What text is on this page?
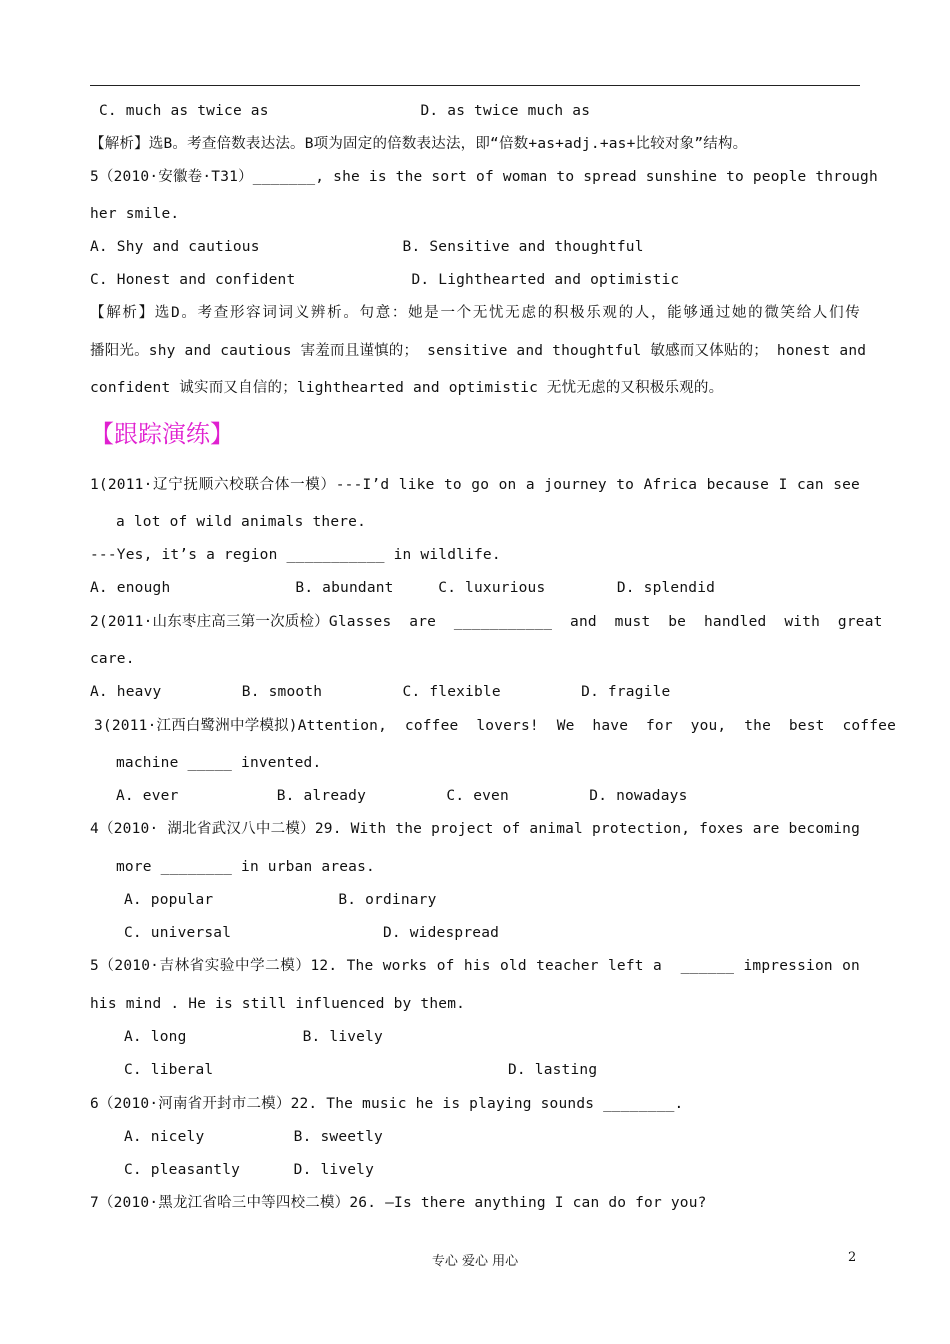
C. much as twice as                 D. as twice much as
【解析】选B。考查倍数表达法。B项为固定的倍数表达法，即“倍数+as+adj.+as+比较对象”结构。
5（2010·安徽卷·T31）_______, she is the sort of woman to spread sunshine to people through
her smile.
A. Shy and cautious                B. Sensitive and thoughtful
C. Honest and confident             D. Lighthearted and optimistic
【解析】选D。考查形容词词义辨析。句意：她是一个无忧无虑的积极乐观的人，能够通过她的微笑给人们传
播阳光。shy and cautious 害羞而且谨慎的； sensitive and thoughtful 敏感而又体贴的； honest and
confident 诚实而又自信的；lighthearted and optimistic 无忧无虑的又积极乐观的。
【跟踪演练】
1(2011·辽宁抚顺六校联合体一模）---I’d like to go on a journey to Africa because I can see
a lot of wild animals there.
---Yes, it’s a region ___________ in wildlife.
A. enough              B. abundant     C. luxurious        D. splendid
2(2011·山东枣庄高三第一次质检）Glasses  are  ___________  and  must  be  handled  with  great
care.
A. heavy         B. smooth         C. flexible         D. fragile
3(2011·江西白鹭洲中学模拟)Attention,  coffee  lovers!  We  have  for  you,  the  best  coffee
machine _____ invented.
A. ever           B. already         C. even         D. nowadays
4（2010· 湖北省武汉八中二模）29. With the project of animal protection, foxes are becoming
more ________ in urban areas.
A. popular              B. ordinary
C. universal                 D. widespread
5（2010·吉林省实验中学二模）12. The works of his old teacher left a  ______ impression on
his mind . He is still influenced by them.
A. long             B. lively
C. liberal                                 D. lasting
6（2010·河南省开封市二模）22. The music he is playing sounds ________.
A. nicely          B. sweetly
C. pleasantly      D. lively
7（2010·黑龙江省哈三中等四校二模）26. —Is there anything I can do for you?
专心 爱心 用心	2
